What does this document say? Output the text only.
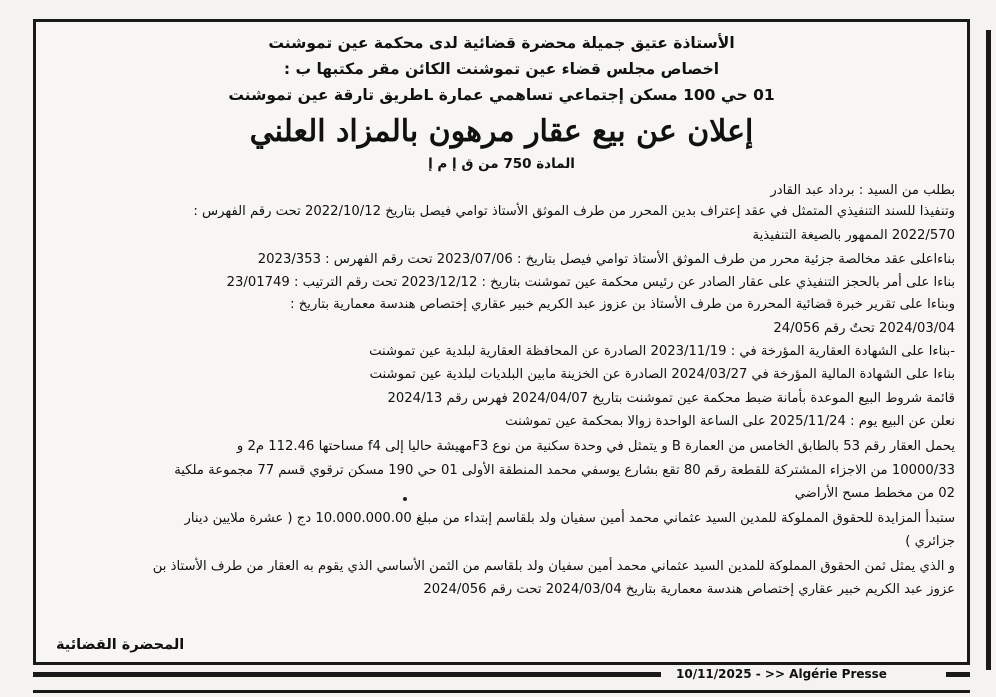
الأستاذة عتيق جميلة محضرة قضائية لدى محكمة عين تموشنت
اخصاص مجلس قضاء عين تموشنت الكائن مقر مكتبها ب :
01 حي 100 مسكن إجتماعي تساهمي عمارة Lطريق تارقة عين تموشنت
إعلان عن بيع عقار مرهون بالمزاد العلني
المادة 750 من ق إ م إ
بطلب من السيد : برداد عبد القادر
وتنفيذا للسند التنفيذي المتمثل في عقد إعتراف بدين المحرر من طرف الموثق الأستاذ توامي فيصل بتاريخ 2022/10/12 تحت رقم الفهرس :
2022/570 الممهور بالصيغة التنفيذية
بناءاعلى عقد مخالصة جزئية محرر من طرف الموثق الأستاذ توامي فيصل بتاريخ : 2023/07/06 تحت رقم الفهرس : 2023/353
بناءا على أمر بالحجز التنفيذي على عقار الصادر عن رئيس محكمة عين تموشنت بتاريخ : 2023/12/12 تحت رقم الترتيب : 23/01749
وبناءا على تقرير خبرة قضائية المحررة من طرف الأستاذ بن عزوز عبد الكريم خبير عقاري إختصاص هندسة معمارية بتاريخ :
2024/03/04 تحتٌ رقم 24/056
-بناءا على الشهادة العقارية المؤرخة في : 2023/11/19 الصادرة عن المحافظة العقارية لبلدية عين تموشنت
بناءا على الشهادة المالية المؤرخة في 2024/03/27 الصادرة عن الخزينة مابين البلديات لبلدية عين تموشنت
قائمة شروط البيع الموعدة بأمانة ضبط محكمة عين تموشنت بتاريخ 2024/04/07 فهرس رقم 2024/13
نعلن عن البيع يوم : 2025/11/24 على الساعة الواحدة زوالا بمحكمة عين تموشنت
يحمل العقار رقم 53 بالطابق الخامس من العمارة B و يتمثل في وحدة سكنية من نوع F3مهيشة حاليا إلى f4 مساحتها 112.46 م2 و
10000/33 من الاجزاء المشتركة للقطعة رقم 80 تقع بشارع يوسفي محمد المنطقة الأولى 01 حي 190 مسكن ترقوي قسم 77 مجموعة ملكية
02 من مخطط مسح الأراضي
ستبدأ المزايدة للحقوق المملوكة للمدين السيد عثماني محمد أمين سفيان ولد بلقاسم إبتداء من مبلغ 10.000.000.00 دج ( عشرة ملايين دينار
جزائري )
و الذي يمثل ثمن الحقوق المملوكة للمدين السيد عثماني محمد أمين سفيان ولد بلقاسم من الثمن الأساسي الذي يقوم به العقار من طرف الأستاذ بن
عزوز عبد الكريم خبير عقاري إختصاص هندسة معمارية بتاريخ 2024/03/04 تحت رقم 2024/056
المحضرة القضائية
10/11/2025 - >> Algérie Presse
